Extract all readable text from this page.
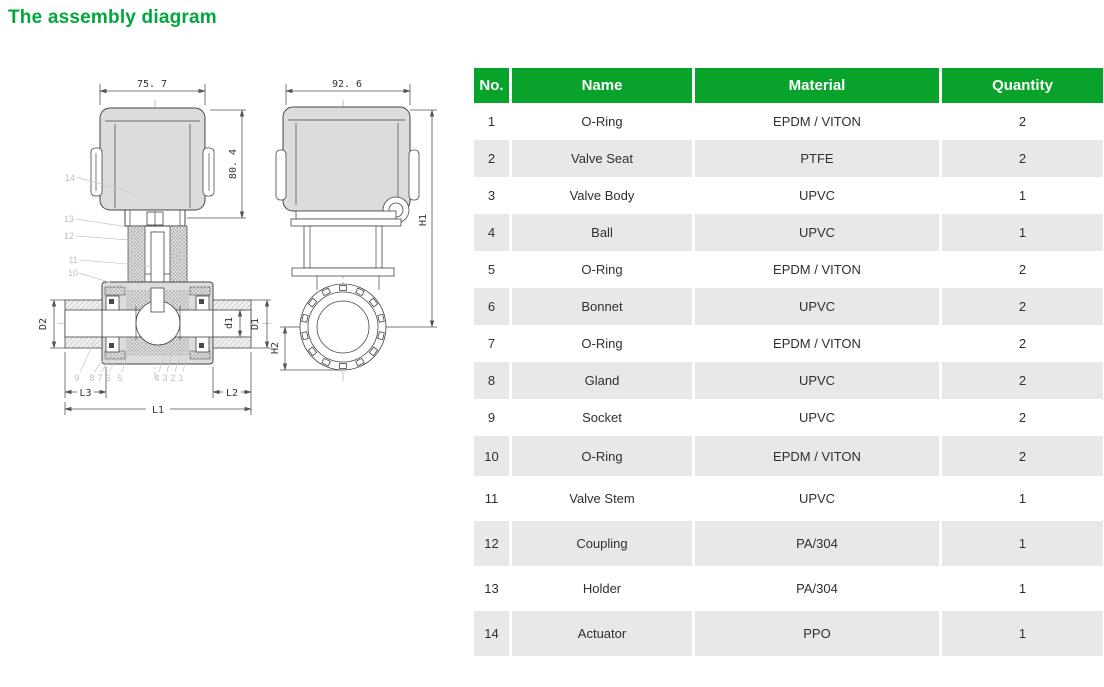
The assembly diagram
75. 7
80. 4
D2	d1 D1
L3	L2
L1
14
13
12
11
10
9 8 7 6 5	4 3 2 1
92. 6
H1
H2
No.	Name	Material	Quantity
1	O-Ring	EPDM / VITON	2
2	Valve Seat	PTFE	2
3	Valve Body	UPVC	1
4	Ball	UPVC	1
5	O-Ring	EPDM / VITON	2
6	Bonnet	UPVC	2
7	O-Ring	EPDM / VITON	2
8	Gland	UPVC	2
9	Socket	UPVC	2
10	O-Ring	EPDM / VITON	2
11	Valve Stem	UPVC	1
12	Coupling	PA/304	1
13	Holder	PA/304	1
14	Actuator	PPO	1
